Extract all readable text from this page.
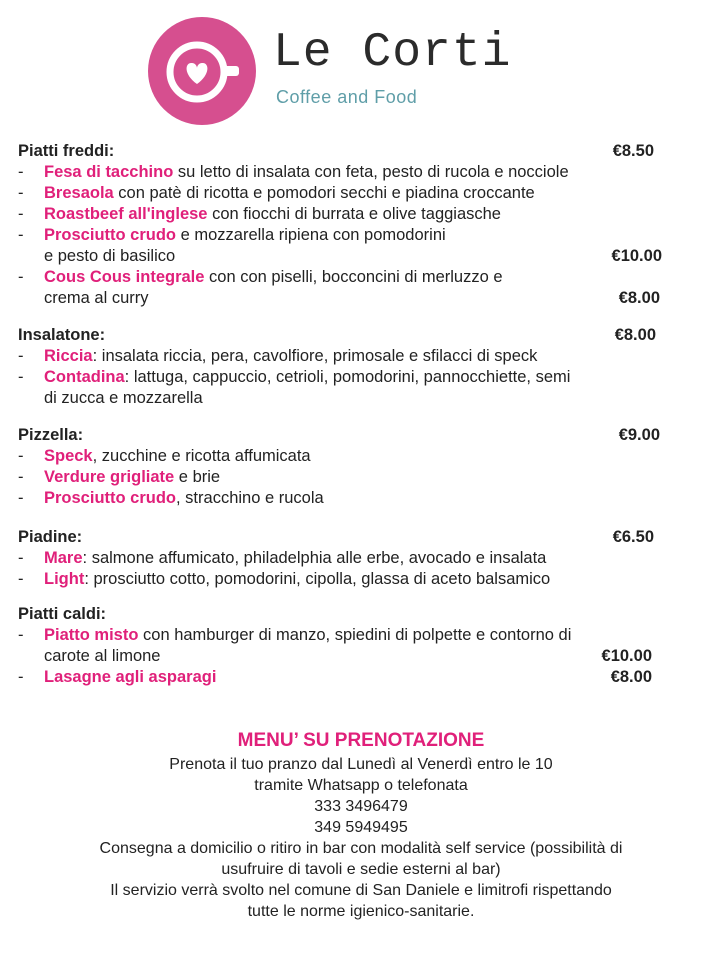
Le Corti
Coffee and Food
Piatti freddi:	€8.50
- Fesa di tacchino su letto di insalata con feta, pesto di rucola e nocciole
- Bresaola con patè di ricotta e pomodori secchi e piadina croccante
- Roastbeef all'inglese con fiocchi di burrata e olive taggiasche
- Prosciutto crudo e mozzarella ripiena con pomodorini
e pesto di basilico	€10.00
- Cous Cous integrale con con piselli, bocconcini di merluzzo e
crema al curry	€8.00
Insalatone:	€8.00
- Riccia: insalata riccia, pera, cavolfiore, primosale e sfilacci di speck
- Contadina: lattuga, cappuccio, cetrioli, pomodorini, pannocchiette, semi
di zucca e mozzarella
Pizzella:	€9.00
- Speck, zucchine e ricotta affumicata
- Verdure grigliate e brie
- Prosciutto crudo, stracchino e rucola
Piadine:	€6.50
- Mare: salmone affumicato, philadelphia alle erbe, avocado e insalata
- Light: prosciutto cotto, pomodorini, cipolla, glassa di aceto balsamico
Piatti caldi:
- Piatto misto con hamburger di manzo, spiedini di polpette e contorno di
carote al limone	€10.00
- Lasagne agli asparagi	€8.00
MENU’ SU PRENOTAZIONE
Prenota il tuo pranzo dal Lunedì al Venerdì entro le 10
tramite Whatsapp o telefonata
333 3496479
349 5949495
Consegna a domicilio o ritiro in bar con modalità self service (possibilità di
usufruire di tavoli e sedie esterni al bar)
Il servizio verrà svolto nel comune di San Daniele e limitrofi rispettando
tutte le norme igienico-sanitarie.
